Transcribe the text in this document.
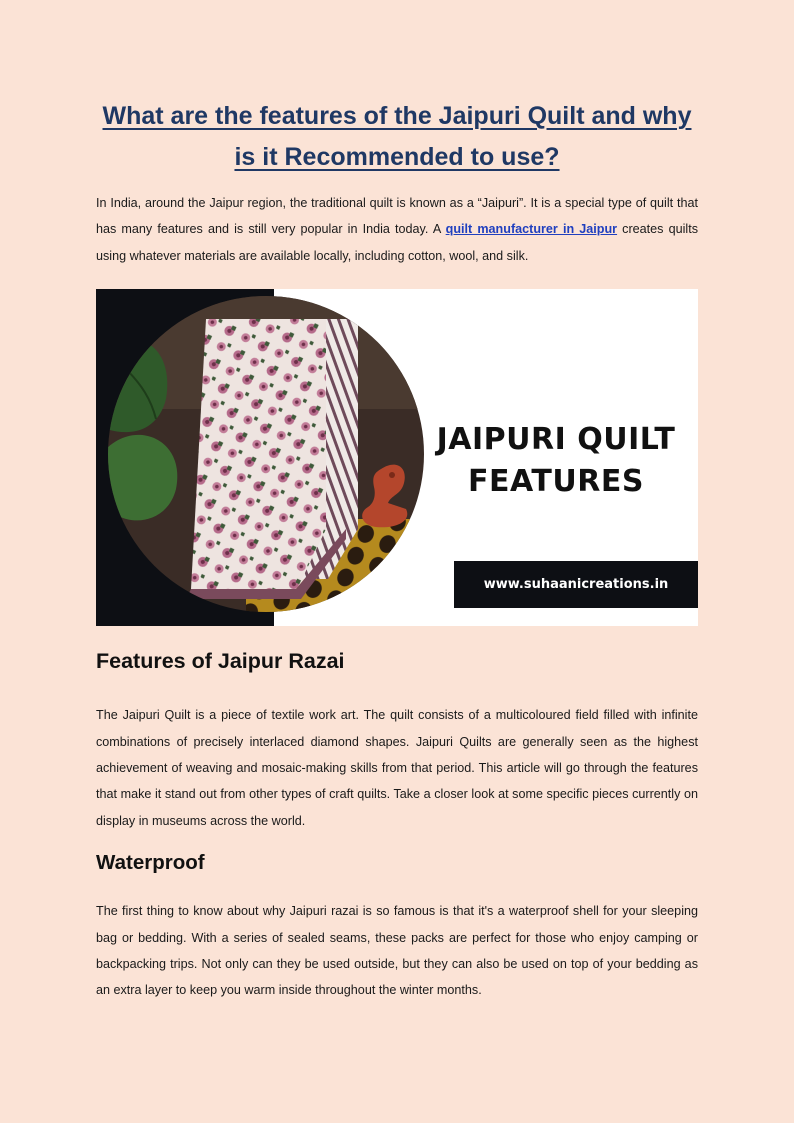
What are the features of the Jaipuri Quilt and why is it Recommended to use?

In India, around the Jaipur region, the traditional quilt is known as a “Jaipuri”. It is a special type of quilt that has many features and is still very popular in India today. A quilt manufacturer in Jaipur creates quilts using whatever materials are available locally, including cotton, wool, and silk.

JAIPURI QUILT
FEATURES
www.suhaanicreations.in
Features of Jaipur Razai

The Jaipuri Quilt is a piece of textile work art. The quilt consists of a multicoloured field filled with infinite combinations of precisely interlaced diamond shapes. Jaipuri Quilts are generally seen as the highest achievement of weaving and mosaic-making skills from that period. This article will go through the features that make it stand out from other types of craft quilts. Take a closer look at some specific pieces currently on display in museums across the world.

Waterproof

The first thing to know about why Jaipuri razai is so famous is that it's a waterproof shell for your sleeping bag or bedding. With a series of sealed seams, these packs are perfect for those who enjoy camping or backpacking trips. Not only can they be used outside, but they can also be used on top of your bedding as an extra layer to keep you warm inside throughout the winter months.
